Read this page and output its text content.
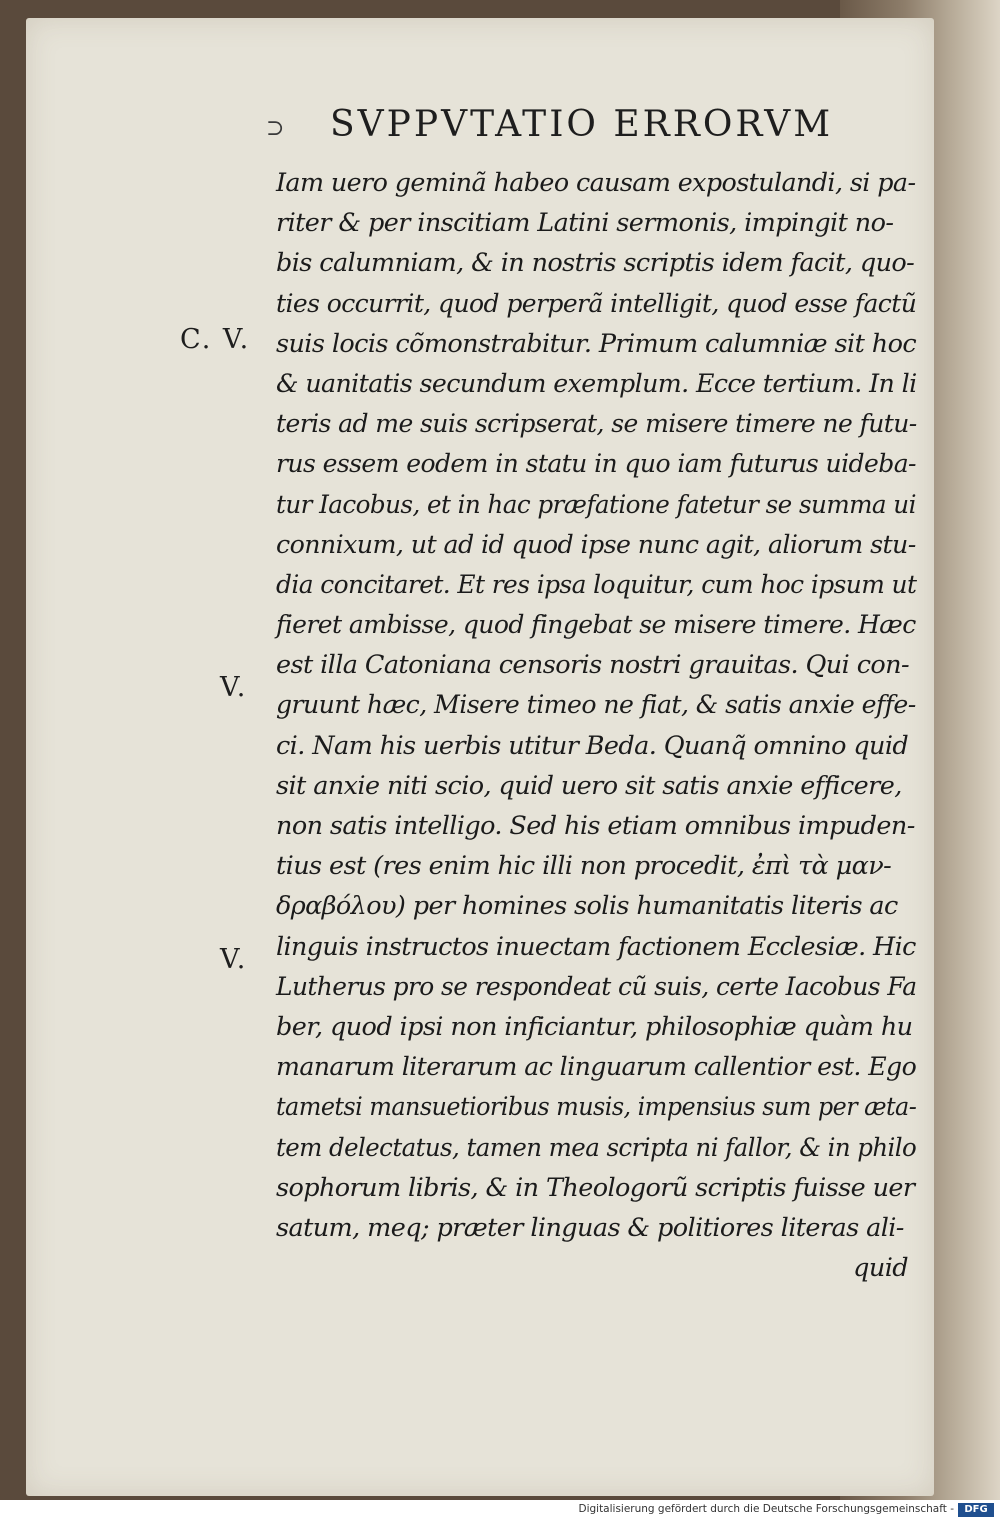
⊃ SVPPVTATIO ERRORVM
C. V.
V.
V.
Iam uero geminã habeo causam expostulandi, si pa-
riter & per inscitiam Latini sermonis, impingit no-
bis calumniam, & in nostris scriptis idem facit, quo-
ties occurrit, quod perperã intelligit, quod esse factũ
suis locis cõmonstrabitur. Primum calumniæ sit hoc
& uanitatis secundum exemplum. Ecce tertium. In li
teris ad me suis scripserat, se misere timere ne futu-
rus essem eodem in statu in quo iam futurus uideba-
tur Iacobus, et in hac præfatione fatetur se summa ui
connixum, ut ad id quod ipse nunc agit, aliorum stu-
dia concitaret. Et res ipsa loquitur, cum hoc ipsum ut
fieret ambisse, quod fingebat se misere timere. Hæc
est illa Catoniana censoris nostri grauitas. Qui con-
gruunt hæc, Misere timeo ne fiat, & satis anxie effe-
ci. Nam his uerbis utitur Beda. Quanq̃ omnino quid
sit anxie niti scio, quid uero sit satis anxie efficere,
non satis intelligo. Sed his etiam omnibus impuden-
tius est (res enim hic illi non procedit, ἐπὶ τὰ μαν-
δραβόλου) per homines solis humanitatis literis ac
linguis instructos inuectam factionem Ecclesiæ. Hic
Lutherus pro se respondeat cũ suis, certe Iacobus Fa
ber, quod ipsi non inficiantur, philosophiæ quàm hu
manarum literarum ac linguarum callentior est. Ego
tametsi mansuetioribus musis, impensius sum per æta-
tem delectatus, tamen mea scripta ni fallor, & in philo
sophorum libris, & in Theologorũ scriptis fuisse uer
satum, meq; præter linguas & politiores literas ali-
quid
Digitalisierung gefördert durch die Deutsche Forschungsgemeinschaft -	DFG
